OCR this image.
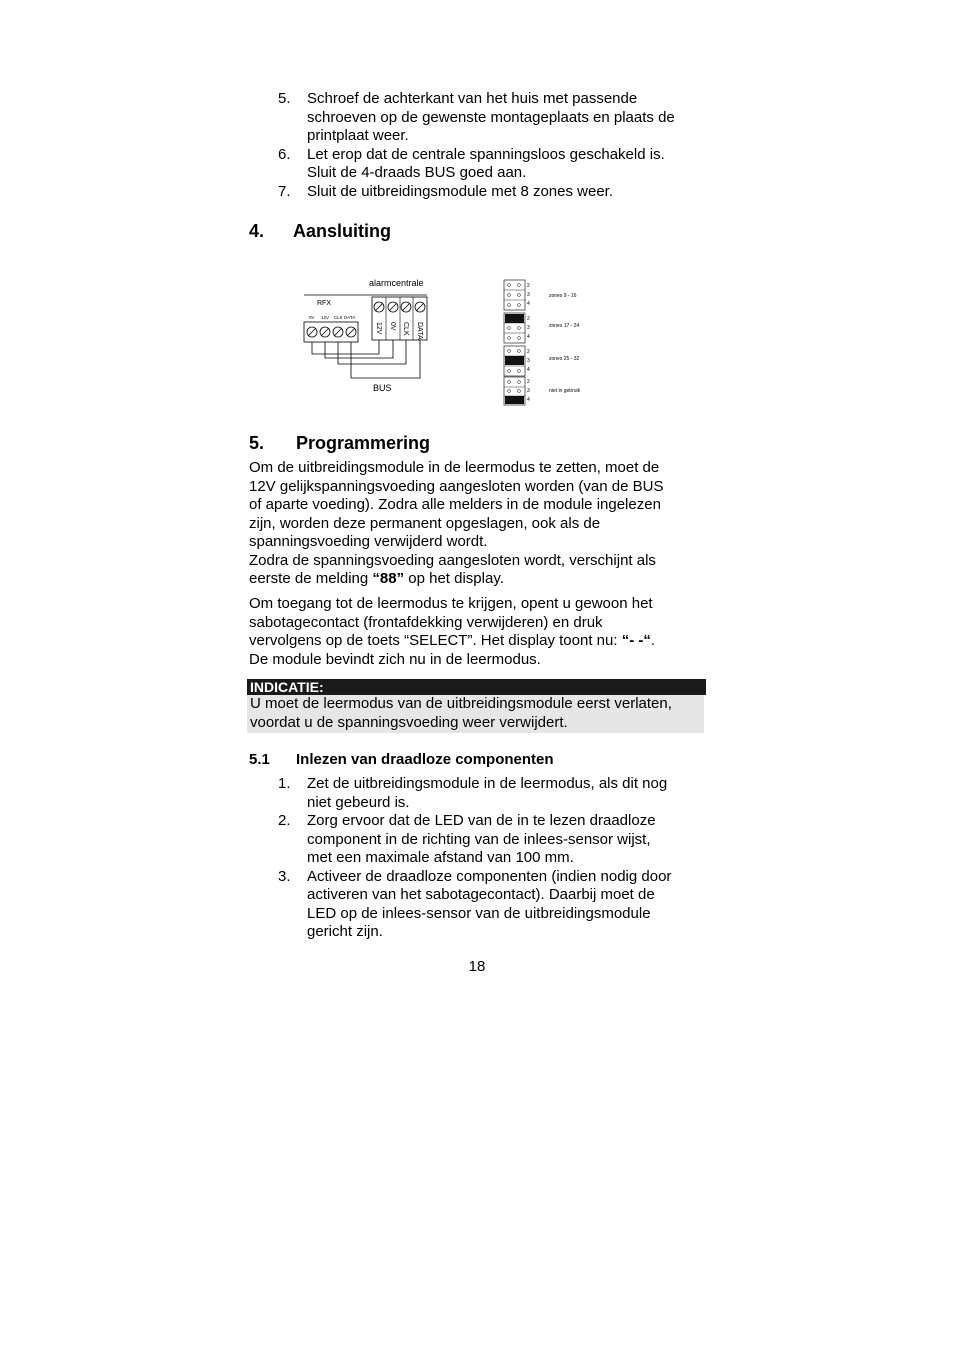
5.	Schroef de achterkant van het huis met passende
schroeven op de gewenste montageplaats en plaats de
printplaat weer.
6.	Let erop dat de centrale spanningsloos geschakeld is.
Sluit de 4-draads BUS goed aan.
7.	Sluit de uitbreidingsmodule met 8 zones weer.
4.	Aansluiting
alarmcentrale
12V 0V CLK DATA
RFX
0V 12V CLK DATA
BUS
2
3
4
zones 9 - 16
2
3
4
zones 17 - 24
2
3
4
zones 25 - 32
2
3
4
niet in gebruik
5.	Programmering
Om de uitbreidingsmodule in de leermodus te zetten, moet de
12V gelijkspanningsvoeding aangesloten worden (van de BUS
of aparte voeding). Zodra alle melders in de module ingelezen
zijn, worden deze permanent opgeslagen, ook als de
spanningsvoeding verwijderd wordt.
Zodra de spanningsvoeding aangesloten wordt, verschijnt als
eerste de melding “88” op het display.
Om toegang tot de leermodus te krijgen, opent u gewoon het
sabotagecontact (frontafdekking verwijderen) en druk
vervolgens op de toets “SELECT”. Het display toont nu: “- -“.
De module bevindt zich nu in de leermodus.
INDICATIE:
U moet de leermodus van de uitbreidingsmodule eerst verlaten,
voordat u de spanningsvoeding weer verwijdert.
5.1	Inlezen van draadloze componenten
1.	Zet de uitbreidingsmodule in de leermodus, als dit nog
niet gebeurd is.
2.	Zorg ervoor dat de LED van de in te lezen draadloze
component in de richting van de inlees-sensor wijst,
met een maximale afstand van 100 mm.
3.	Activeer de draadloze componenten (indien nodig door
activeren van het sabotagecontact). Daarbij moet de
LED op de inlees-sensor van de uitbreidingsmodule
gericht zijn.
18
